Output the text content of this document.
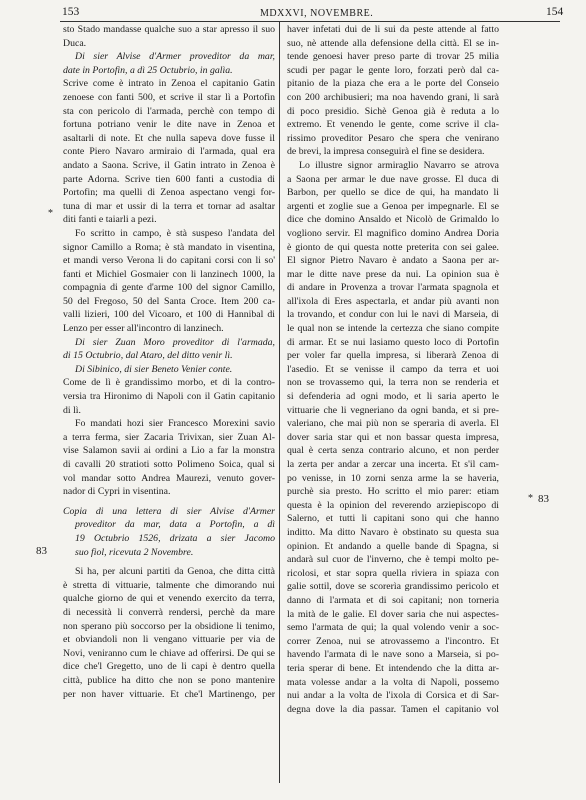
153	MDXXVI, NOVEMBRE.	154
*
83
* 83
sto Stado mandasse qualche suo a star apresso il suo
Duca.
Di sier Alvise d'Armer proveditor da mar,
date in Portofin, a dì 25 Octubrio, in galìa.
Scrive come è intrato in Zenoa el capitanio Gatin
zenoese con fanti 500, et scrive il star lì a Portofin
sta con pericolo di l'armada, perchè con tempo di
fortuna potriano venir le dite nave in Zenoa et
asaltarli di note. Et che nulla sapeva dove fusse il
conte Piero Navaro armiraio di l'armada, qual era
andato a Saona. Scrive, il Gatin intrato in Zenoa è
parte Adorna. Scrive tien 600 fanti a custodia di
Portofin; ma quelli di Zenoa aspectano vengi for-
tuna di mar et ussir di la terra et tornar ad asaltar
diti fanti e taiarli a pezi.
Fo scritto in campo, è stà suspeso l'andata del
signor Camillo a Roma; è stà mandato in visentina,
et mandi verso Verona li do capitani corsi con li so'
fanti et Michiel Gosmaier con li lanzinech 1000, la
compagnia di gente d'arme 100 del signor Camillo,
50 del Fregoso, 50 del Santa Croce. Item 200 ca-
valli lizieri, 100 del Vicoaro, et 100 di Hannibal di
Lenzo per esser all'incontro di lanzinech.
Di sier Zuan Moro proveditor di l'armada,
di 15 Octubrio, dal Ataro, del ditto venir lì.
Di Sibinico, di sier Beneto Venier conte.
Come de lì è grandissimo morbo, et di la contro-
versia tra Hironimo di Napoli con il Gatin capitanio
di lì.
Fo mandati hozi sier Francesco Morexini savio
a terra ferma, sier Zacaria Trivixan, sier Zuan Al-
vise Salamon savii ai ordini a Lio a far la monstra
di cavalli 20 stratioti sotto Polimeno Soica, qual si
vol mandar sotto Andrea Maurezi, venuto gover-
nador di Cypri in visentina.
Copia di una lettera di sier Alvise d'Armer
proveditor da mar, data a Portofin, a dì
19 Octubrio 1526, drizata a sier Jacomo
suo fiol, ricevuta 2 Novembre.
Si ha, per alcuni partiti da Genoa, che ditta città
è stretta di vittuarie, talmente che dimorando nui
qualche giorno de qui et venendo exercito da terra,
di necessità li converrà rendersi, perchè da mare
non sperano più soccorso per la obsidione li tenimo,
et obviandoli non li vengano vittuarie per via de
Novi, veniranno cum le chiave ad offerirsi. De qui se
dice che'l Gregetto, uno de li capi è dentro quella
città, publice ha ditto che non se pono mantenire
per non haver vittuarie. Et che'l Martinengo, per
haver infetati dui de li sui da peste attende al fatto
suo, nè attende alla defensione della città. El se in-
tende genoesi haver preso parte di trovar 25 milia
scudi per pagar le gente loro, forzati però dal ca-
pitanio de la piaza che era a le porte del Conseio
con 200 archibusieri; ma noa havendo grani, li sarà
di poco presidio. Sichè Genoa già è reduta a lo
extremo. Et venendo le gente, come scrive il cla-
rissimo proveditor Pesaro che spera che venirano
de brevi, la impresa conseguirà el fine se desidera.
Lo illustre signor armiraglio Navarro se atrova
a Saona per armar le due nave grosse. El duca di
Barbon, per quello se dice de qui, ha mandato li
argenti et zoglie sue a Genoa per impegnarle. El se
dice che domino Ansaldo et Nicolò de Grimaldo lo
vogliono servir. El magnifico domino Andrea Doria
è gionto de qui questa notte preterita con sei galee.
El signor Pietro Navaro è andato a Saona per ar-
mar le ditte nave prese da nui. La opinion sua è
di andare in Provenza a trovar l'armata spagnola et
all'ixola di Eres aspectarla, et andar più avanti non
la trovando, et condur con lui le navi di Marseia, di
le qual non se intende la certezza che siano compite
di armar. Et se nui lasiamo questo loco di Portofin
per voler far quella impresa, si liberarà Zenoa di
l'asedio. Et se venisse il campo da terra et uoi
non se trovassemo qui, la terra non se renderia et
si defenderia ad ogni modo, et li saria aperto le
vittuarie che li vegneriano da ogni banda, et si pre-
valeriano, che mai più non se sperarìa di averla. El
dover saria star qui et non bassar questa impresa,
qual è certa senza contrario alcuno, et non perder
la zerta per andar a zercar una incerta. Et s'il cam-
po venisse, in 10 zorni senza arme la se haveria,
purchè sia presto. Ho scritto el mio parer: etiam
questa è la opinion del reverendo arziepiscopo di
Salerno, et tutti li capitani sono qui che hanno
inditto. Ma ditto Navaro è obstinato su questa sua
opinion. Et andando a quelle bande di Spagna, si
andarà sul cuor de l'inverno, che è tempi molto pe-
ricolosi, et star sopra quella riviera in spiaza con
galie sottil, dove se scorerìa grandissimo pericolo et
danno di l'armata et di soi capitani; non torneria
la mità de le galie. El dover saria che nui aspectes-
semo l'armata de qui; la qual volendo venir a soc-
correr Zenoa, nui se atrovassemo a l'incontro. Et
havendo l'armata di le nave sono a Marseia, si po-
teria sperar di bene. Et intendendo che la ditta ar-
mata volesse andar a la volta di Napoli, possemo
nui andar a la volta de l'ixola di Corsica et di Sar-
degna dove la dia passar. Tamen el capitanio vol
